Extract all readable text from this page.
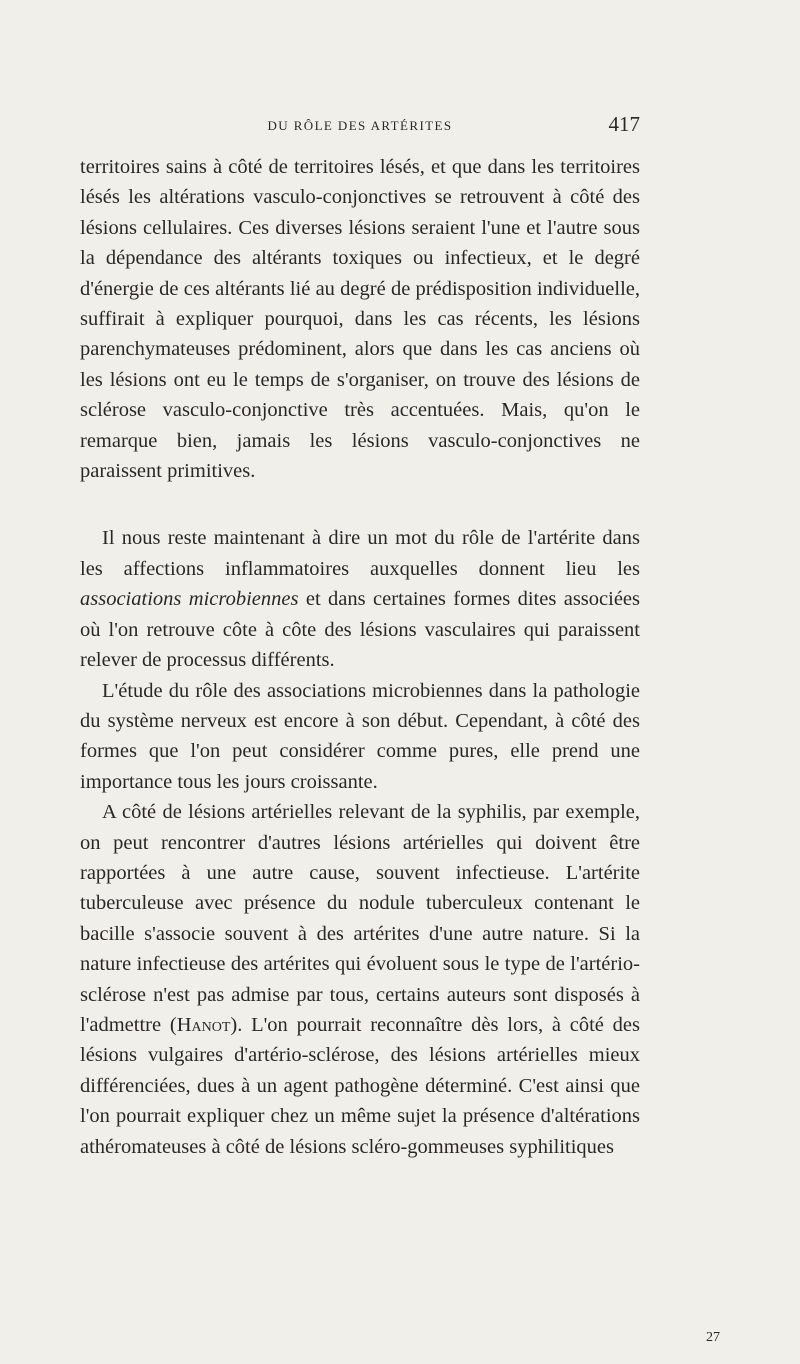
DU RÔLE DES ARTÉRITES	417

territoires sains à côté de territoires lésés, et que dans les territoires lésés les altérations vasculo-conjonctives se retrouvent à côté des lésions cellulaires. Ces diverses lésions seraient l'une et l'autre sous la dépendance des altérants toxiques ou infectieux, et le degré d'énergie de ces altérants lié au degré de prédisposition individuelle, suffirait à expliquer pourquoi, dans les cas récents, les lésions parenchymateuses prédominent, alors que dans les cas anciens où les lésions ont eu le temps de s'organiser, on trouve des lésions de sclérose vasculo-conjonctive très accentuées. Mais, qu'on le remarque bien, jamais les lésions vasculo-conjonctives ne paraissent primitives.

Il nous reste maintenant à dire un mot du rôle de l'artérite dans les affections inflammatoires auxquelles donnent lieu les associations microbiennes et dans certaines formes dites associées où l'on retrouve côte à côte des lésions vasculaires qui paraissent relever de processus différents.

L'étude du rôle des associations microbiennes dans la pathologie du système nerveux est encore à son début. Cependant, à côté des formes que l'on peut considérer comme pures, elle prend une importance tous les jours croissante.

A côté de lésions artérielles relevant de la syphilis, par exemple, on peut rencontrer d'autres lésions artérielles qui doivent être rapportées à une autre cause, souvent infectieuse. L'artérite tuberculeuse avec présence du nodule tuberculeux contenant le bacille s'associe souvent à des artérites d'une autre nature. Si la nature infectieuse des artérites qui évoluent sous le type de l'artério-sclérose n'est pas admise par tous, certains auteurs sont disposés à l'admettre (Hanot). L'on pourrait reconnaître dès lors, à côté des lésions vulgaires d'artério-sclérose, des lésions artérielles mieux différenciées, dues à un agent pathogène déterminé. C'est ainsi que l'on pourrait expliquer chez un même sujet la présence d'altérations athéromateuses à côté de lésions scléro-gommeuses syphilitiques

27
